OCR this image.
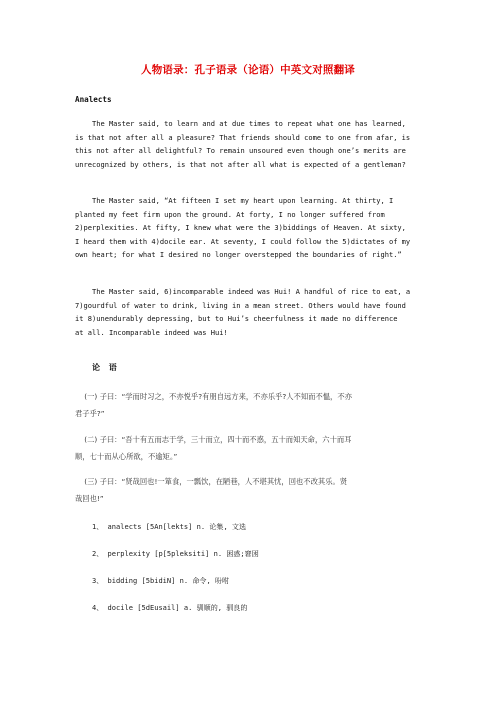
人物语录：孔子语录（论语）中英文对照翻译
Analects
The Master said, to learn and at due times to repeat what one has learned,
is that not after all a pleasure? That friends should come to one from afar, is
this not after all delightful? To remain unsoured even though one’s merits are
unrecognized by others, is that not after all what is expected of a gentleman?
The Master said, “At fifteen I set my heart upon learning. At thirty, I
planted my feet firm upon the ground. At forty, I no longer suffered from
2)perplexities. At fifty, I knew what were the 3)biddings of Heaven. At sixty,
I heard them with 4)docile ear. At seventy, I could follow the 5)dictates of my
own heart; for what I desired no longer overstepped the boundaries of right.”
The Master said, 6)incomparable indeed was Hui! A handful of rice to eat, a
7)gourdful of water to drink, living in a mean street. Others would have found
it 8)unendurably depressing, but to Hui’s cheerfulness it made no difference
at all. Incomparable indeed was Hui!
论 语
(一) 子曰：“学而时习之，不亦悦乎?有朋自远方来，不亦乐乎?人不知而不愠，不亦
君子乎?”
(二) 子曰：“吾十有五而志于学，三十而立，四十而不惑，五十而知天命，六十而耳
顺，七十而从心所欲，不逾矩。”
(三) 子曰：“贤哉回也!一箪食，一瓢饮，在陋巷，人不堪其忧，回也不改其乐。贤
哉回也!”
1、 analects [5An[lekts] n. 论集, 文选
2、 perplexity [p[5pleksiti] n. 困惑;窘困
3、 bidding [5bidiN] n. 命令, 吩咐
4、 docile [5dEusail] a. 驯顺的, 驯良的
